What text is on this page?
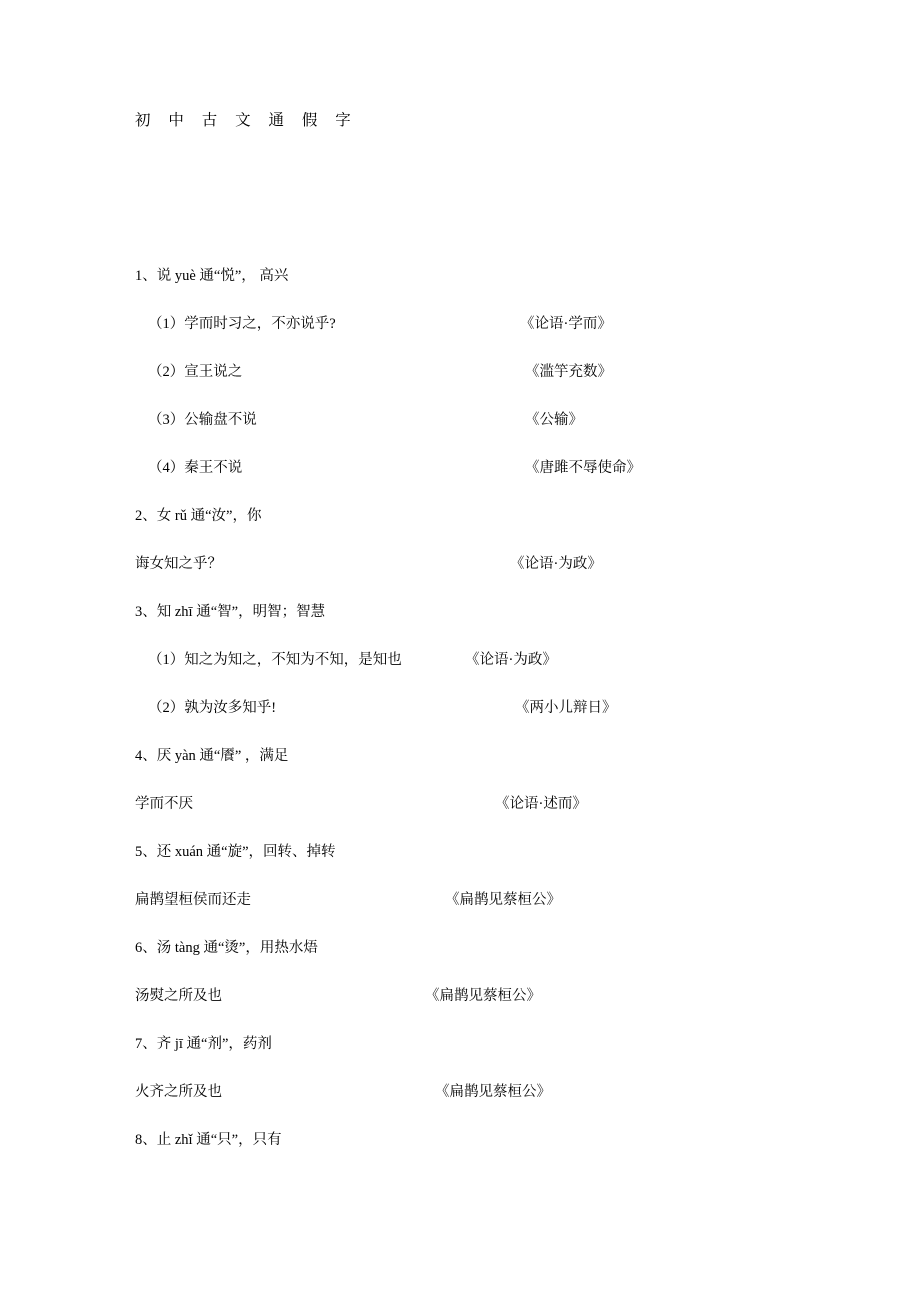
初 中 古 文 通 假 字
1、说 yuè 通“悦”， 高兴
（1）学而时习之，不亦说乎?	《论语·学而》
（2）宣王说之	《滥竽充数》
（3）公输盘不说	《公输》
（4）秦王不说	《唐雎不辱使命》
2、女 rǔ 通“汝”，你
诲女知之乎？	《论语·为政》
3、知 zhī 通“智”，明智；智慧
（1）知之为知之，不知为不知，是知也	《论语·为政》
（2）孰为汝多知乎!	《两小儿辩日》
4、厌 yàn 通“餍” ，满足
学而不厌	《论语·述而》
5、还 xuán 通“旋”，回转、掉转
扁鹊望桓侯而还走	《扁鹊见蔡桓公》
6、汤 tàng 通“烫”，用热水焐
汤熨之所及也	《扁鹊见蔡桓公》
7、齐 jī 通“剂”，药剂
火齐之所及也	《扁鹊见蔡桓公》
8、止 zhǐ 通“只”，只有
